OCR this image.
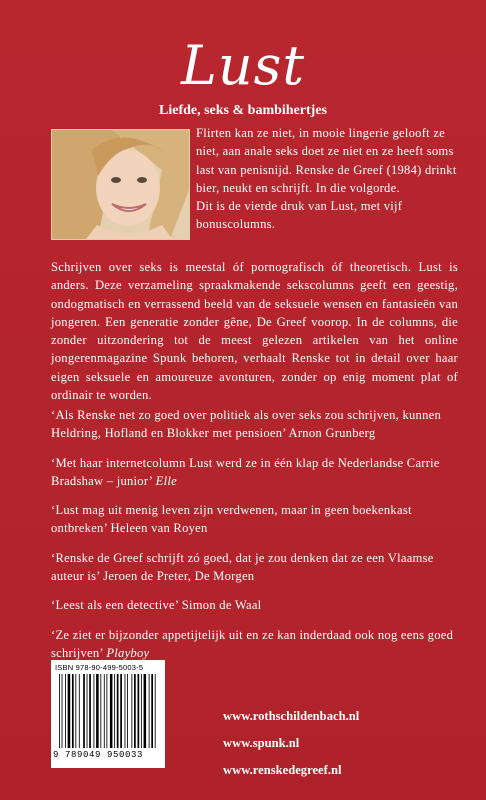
Lust
Liefde, seks & bambihertjes

Flirten kan ze niet, in mooie lingerie gelooft ze niet, aan anale seks doet ze niet en ze heeft soms last van penisnijd. Renske de Greef (1984) drinkt bier, neukt en schrijft. In die volgorde.

Dit is de vierde druk van Lust, met vijf bonuscolumns.

Schrijven over seks is meestal óf pornografisch óf theoretisch. Lust is anders. Deze verzameling spraakmakende sekscolumns geeft een geestig, ondogmatisch en verrassend beeld van de seksuele wensen en fantasieën van jongeren. Een generatie zonder gêne, De Greef voorop. In de columns, die zonder uitzondering tot de meest gelezen artikelen van het online jongerenmagazine Spunk behoren, verhaalt Renske tot in detail over haar eigen seksuele en amoureuze avonturen, zonder op enig moment plat of ordinair te worden.

‘Als Renske net zo goed over politiek als over seks zou schrijven, kunnen Heldring, Hofland en Blokker met pensioen’ Arnon Grunberg

‘Met haar internetcolumn Lust werd ze in één klap de Nederlandse Carrie Bradshaw – junior’ Elle

‘Lust mag uit menig leven zijn verdwenen, maar in geen boekenkast ontbreken’ Heleen van Royen

‘Renske de Greef schrijft zó goed, dat je zou denken dat ze een Vlaamse auteur is’ Jeroen de Preter, De Morgen

‘Leest als een detective’ Simon de Waal

‘Ze ziet er bijzonder appetijtelijk uit en ze kan inderdaad ook nog eens goed schrijven’ Playboy

ISBN 978-90-499-5003-5
9 789049 950033
www.rothschildenbach.nl
www.spunk.nl
www.renskedegreef.nl
